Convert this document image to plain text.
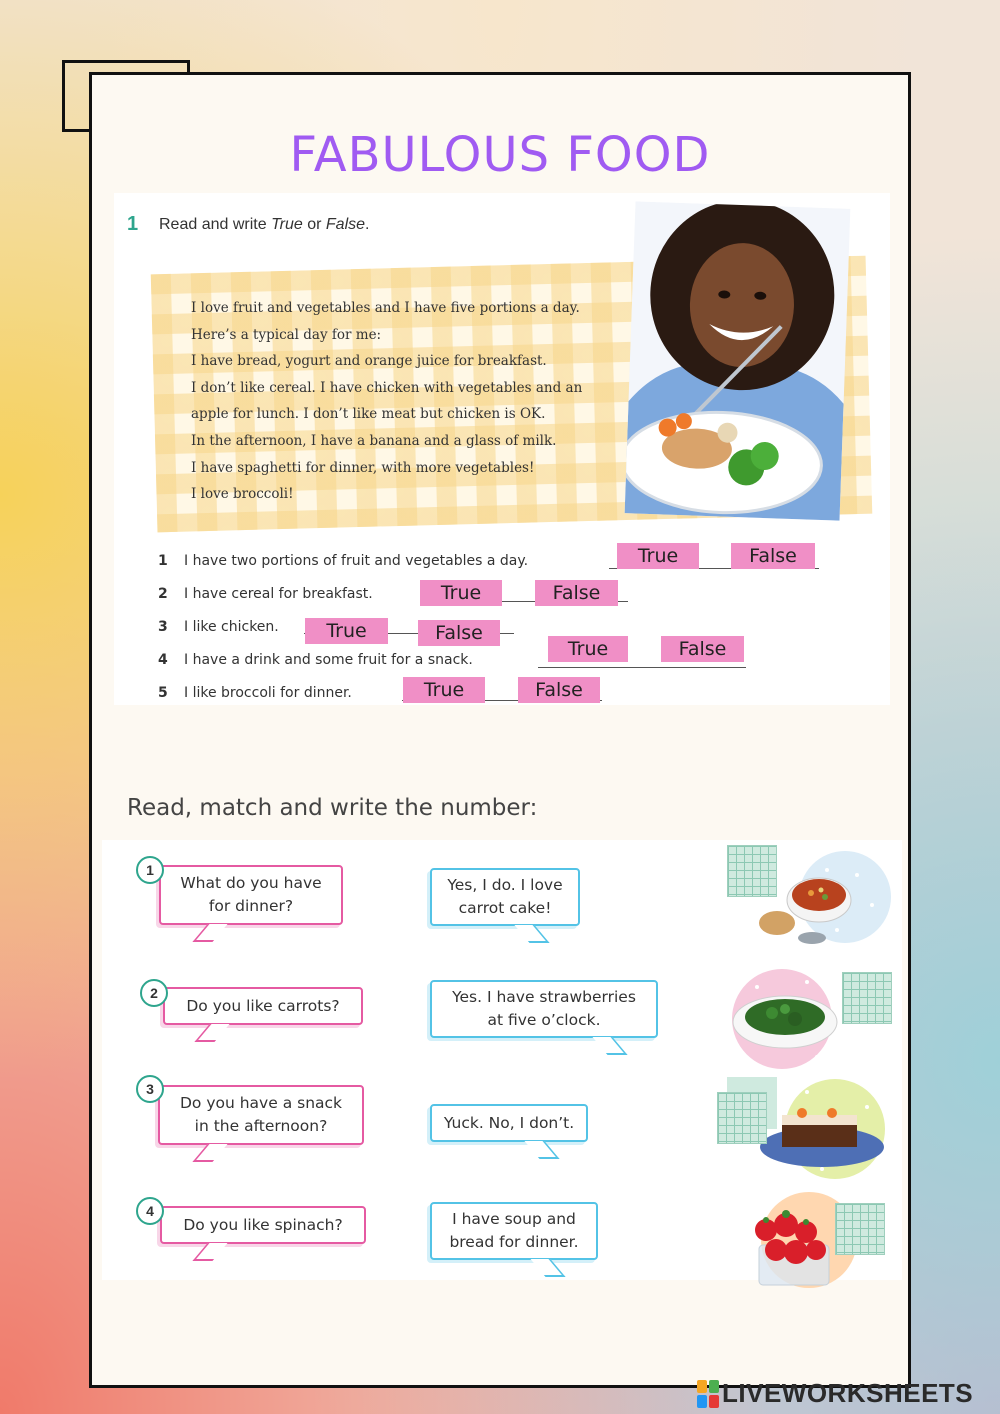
FABULOUS FOOD
1 Read and write True or False.
I love fruit and vegetables and I have five portions a day.
Here’s a typical day for me:
I have bread, yogurt and orange juice for breakfast.
I don’t like cereal. I have chicken with vegetables and an
apple for lunch. I don’t like meat but chicken is OK.
In the afternoon, I have a banana and a glass of milk.
I have spaghetti for dinner, with more vegetables!
I love broccoli!
1	I have two portions of fruit and vegetables a day.	True	False
2	I have cereal for breakfast.	True	False
3	I like chicken.	True	False
4	I have a drink and some fruit for a snack.	True	False
5	I like broccoli for dinner.	True	False
Read, match and write the number:
What do you have
for dinner?
1
Do you like carrots?
2
Do you have a snack
in the afternoon?
3
Do you like spinach?
4
Yes, I do. I love
carrot cake!
Yes. I have strawberries
at five o’clock.
Yuck. No, I don’t.
I have soup and
bread for dinner.
LIVEWORKSHEETS
